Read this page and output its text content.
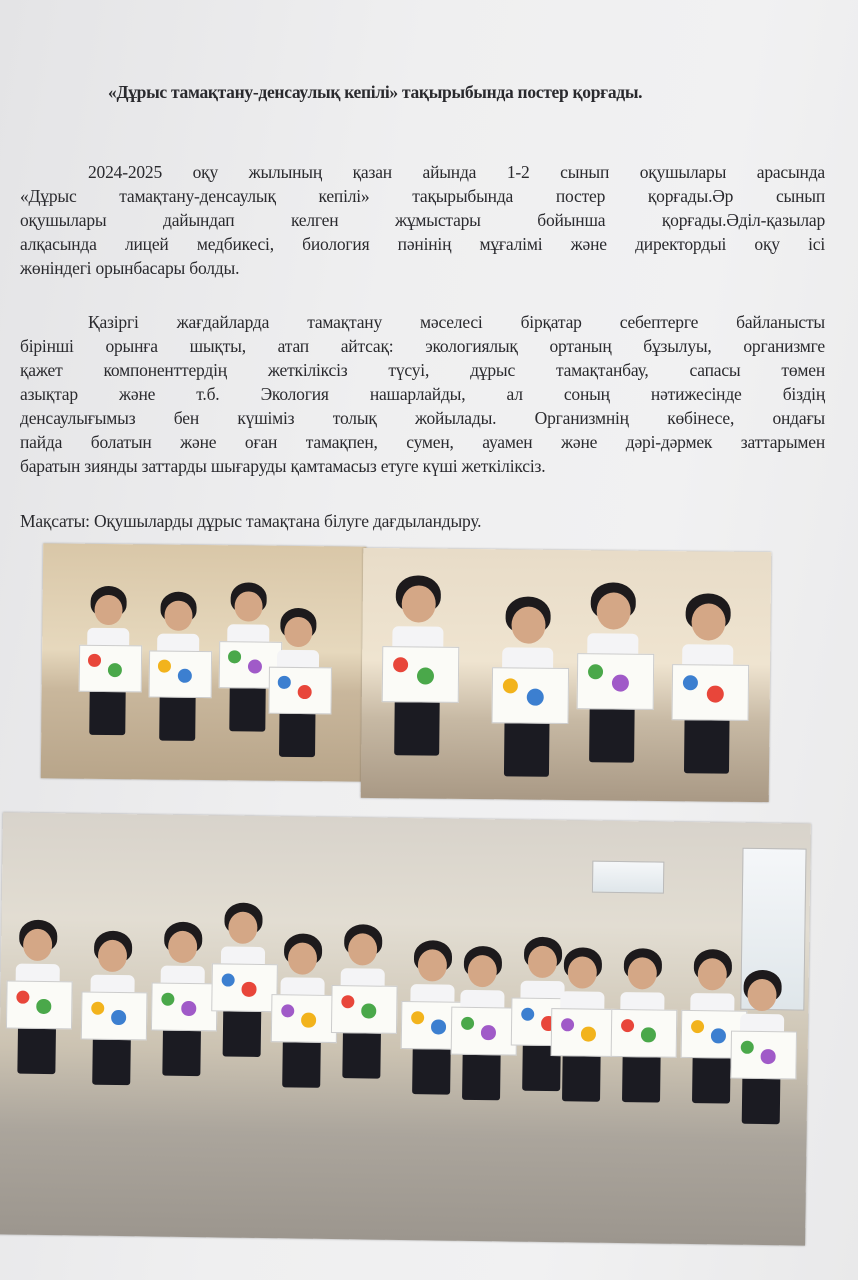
«Дұрыс тамақтану-денсаулық кепілі» тақырыбында постер қорғады.
2024-2025 оқу жылының қазан айында 1-2 сынып оқушылары арасында
«Дұрыс тамақтану-денсаулық кепілі» тақырыбында постер қорғады.Әр сынып
оқушылары дайындап келген жұмыстары бойынша қорғады.Әділ-қазылар
алқасында лицей медбикесі, биология пәнінің мұғалімі және директордыі оқу ісі
жөніндегі орынбасары болды.
Қазіргі жағдайларда тамақтану мәселесі бірқатар себептерге байланысты
бірінші орынға шықты, атап айтсақ: экологиялық ортаның бұзылуы, организмге
қажет компоненттердің жеткіліксіз түсуі, дұрыс тамақтанбау, сапасы төмен
азықтар және т.б. Экология нашарлайды, ал соның нәтижесінде біздің
денсаулығымыз бен күшіміз толық жойылады. Организмнің көбінесе, ондағы
пайда болатын және оған тамақпен, сумен, ауамен және дәрі-дәрмек заттарымен
баратын зиянды заттарды шығаруды қамтамасыз етуге күші жеткіліксіз.
Мақсаты: Оқушыларды дұрыс тамақтана білуге дағдыландыру.
